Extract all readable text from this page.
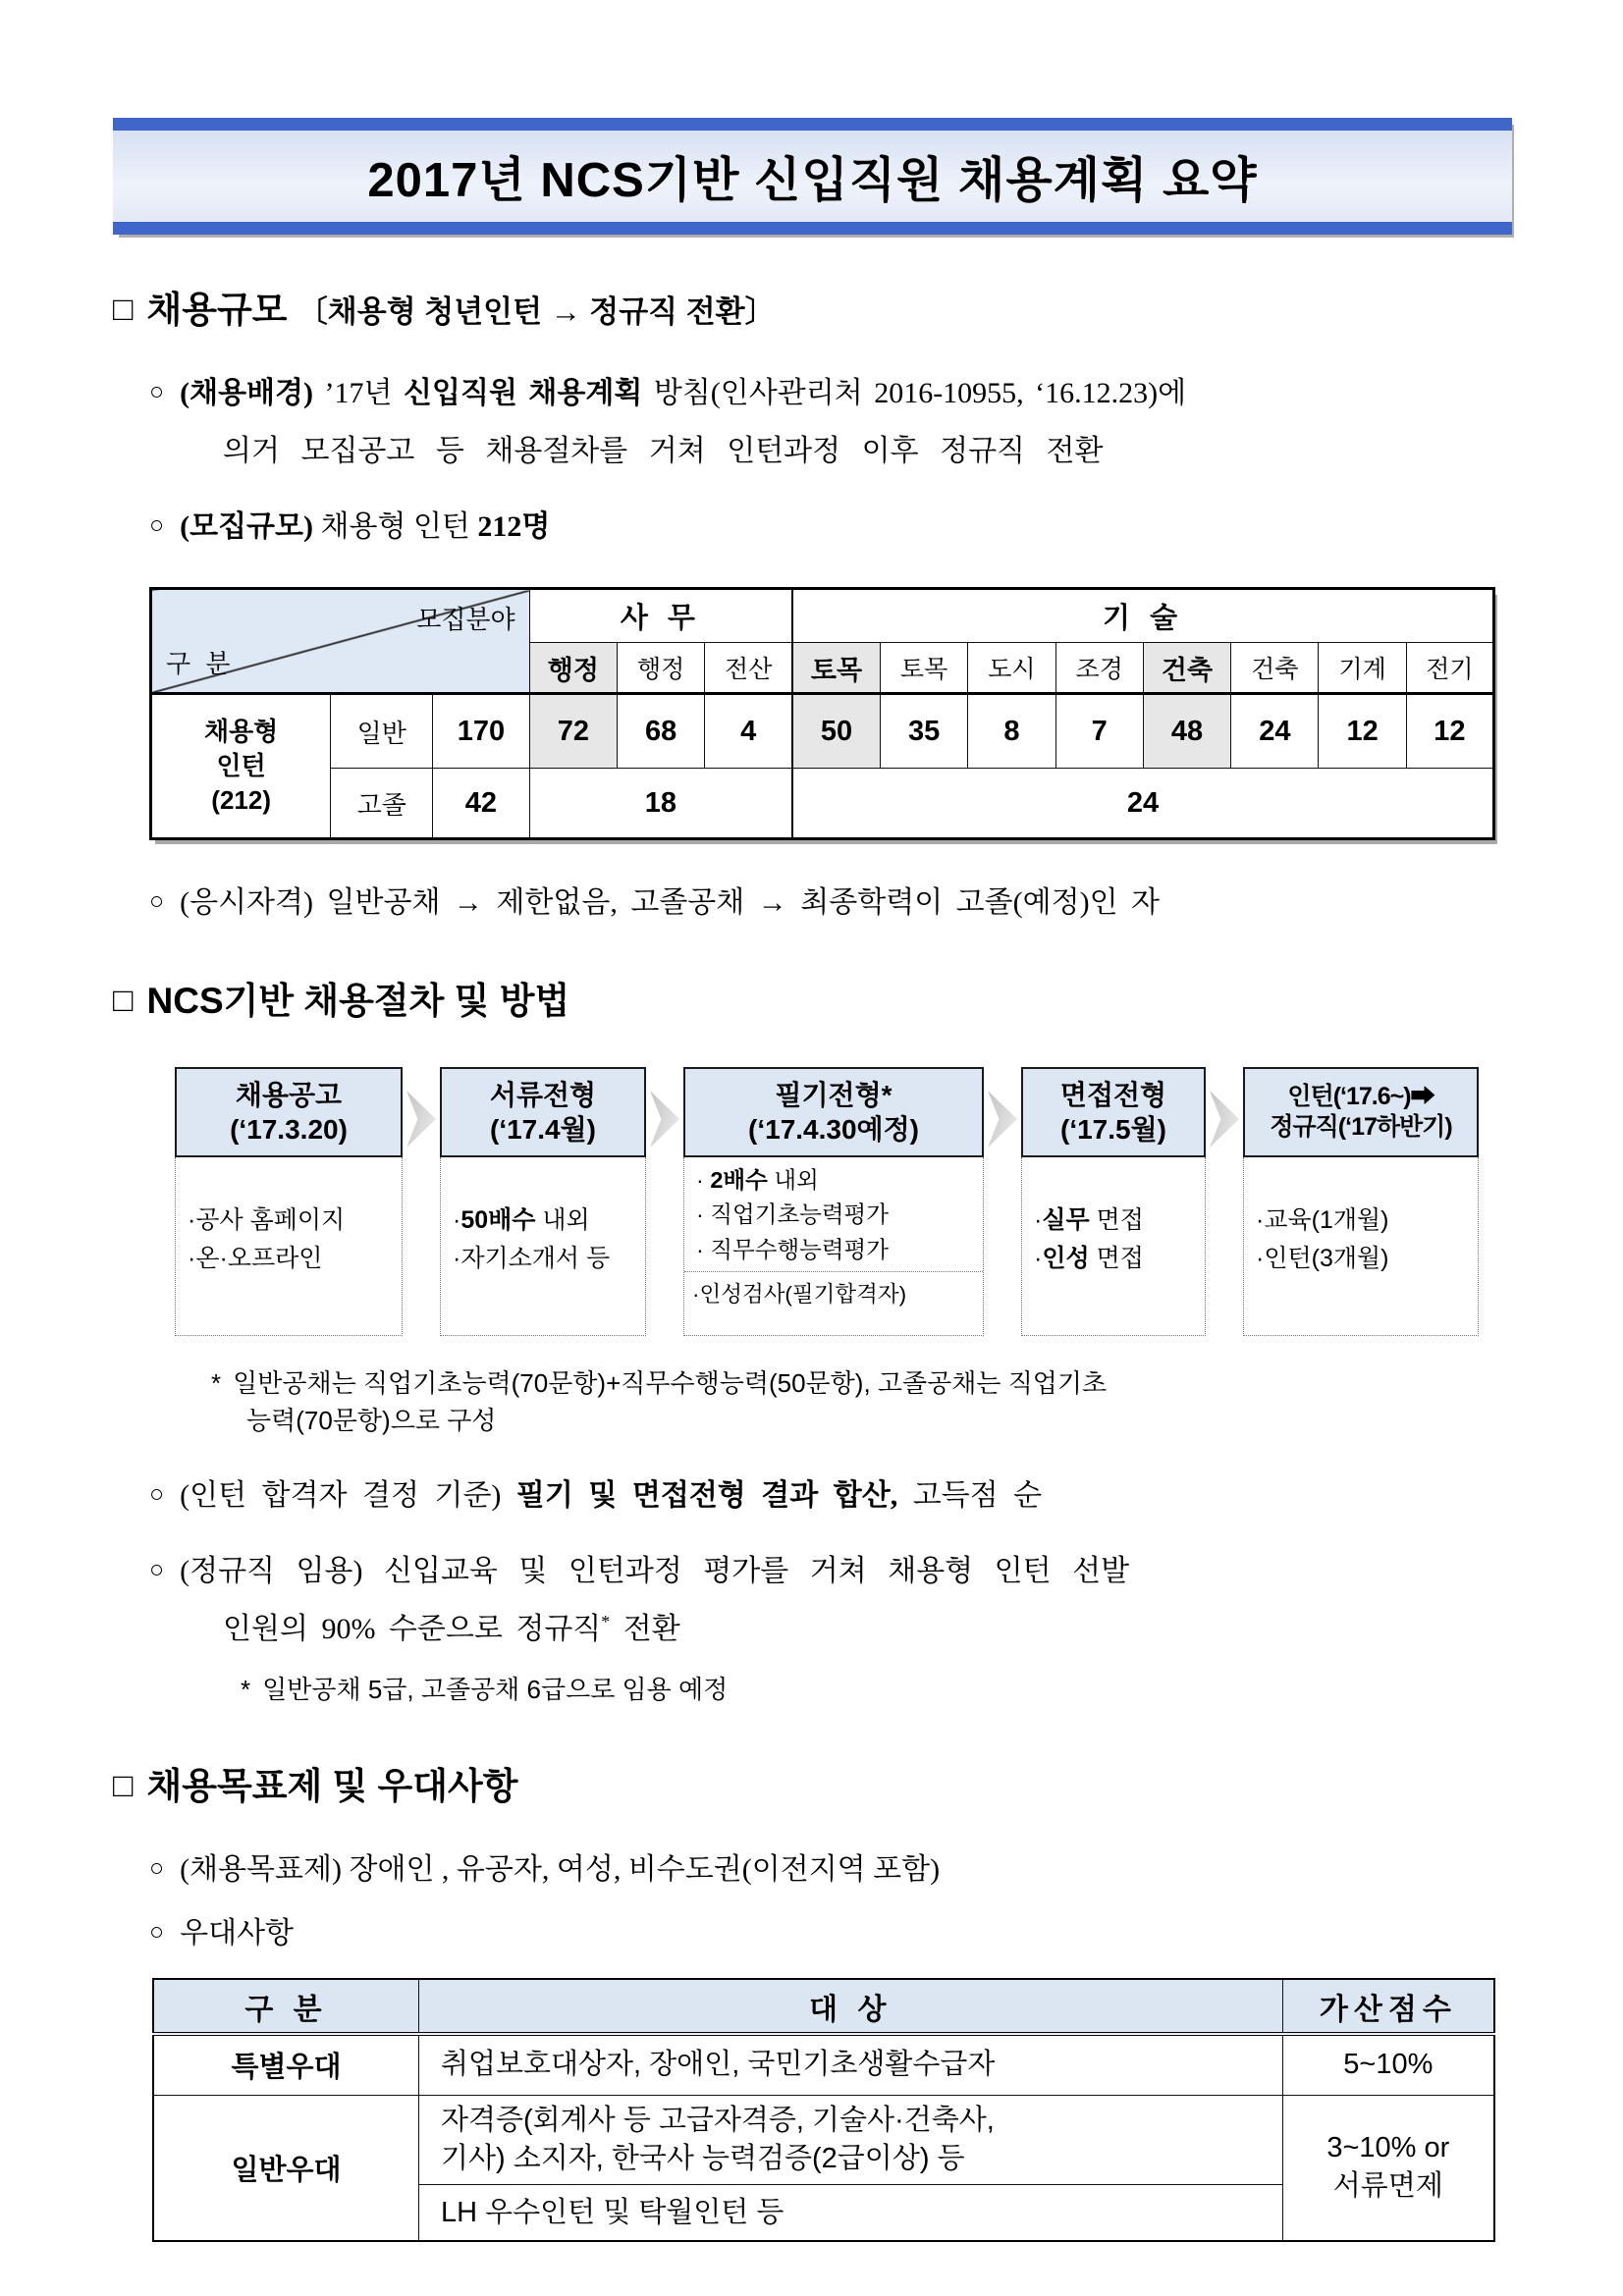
2017년 NCS기반 신입직원 채용계획 요약
□ 채용규모 〔채용형 청년인턴 → 정규직 전환〕
○ (채용배경) ’17년 신입직원 채용계획 방침(인사관리처 2016-10955, ‘16.12.23)에
의거 모집공고 등 채용절차를 거쳐 인턴과정 이후 정규직 전환
○ (모집규모) 채용형 인턴 212명
모집분야
구 분			사 무			기 술							
			행정	행정	전산	토목	토목	도시	조경	건축	건축	기계	전기
채용형
인턴
(212)	일반	170	72	68	4	50	35	8	7	48	24	12	12
	고졸	42	18			24							
○ (응시자격) 일반공채 → 제한없음, 고졸공채 → 최종학력이 고졸(예정)인 자
□ NCS기반 채용절차 및 방법
채용공고
(‘17.3.20)
·공사 홈페이지
·온·오프라인
서류전형
(‘17.4월)
·50배수 내외
·자기소개서 등
필기전형*
(‘17.4.30예정)
· 2배수 내외
· 직업기초능력평가
· 직무수행능력평가
·인성검사(필기합격자)
면접전형
(‘17.5월)
·실무 면접
·인성 면접
인턴(‘17.6~)➡
정규직(‘17하반기)
·교육(1개월)
·인턴(3개월)
* 일반공채는 직업기초능력(70문항)+직무수행능력(50문항), 고졸공채는 직업기초
능력(70문항)으로 구성
○ (인턴 합격자 결정 기준) 필기 및 면접전형 결과 합산, 고득점 순
○ (정규직 임용) 신입교육 및 인턴과정 평가를 거쳐 채용형 인턴 선발
인원의 90% 수준으로 정규직* 전환
* 일반공채 5급, 고졸공채 6급으로 임용 예정
□ 채용목표제 및 우대사항
○ (채용목표제) 장애인 , 유공자, 여성, 비수도권(이전지역 포함)
○ 우대사항
구 분	대 상	가산점수
특별우대	취업보호대상자, 장애인, 국민기초생활수급자	5~10%
일반우대	자격증(회계사 등 고급자격증, 기술사·건축사,
기사) 소지자, 한국사 능력검증(2급이상) 등	3~10% or
서류면제
	LH 우수인턴 및 탁월인턴 등	
